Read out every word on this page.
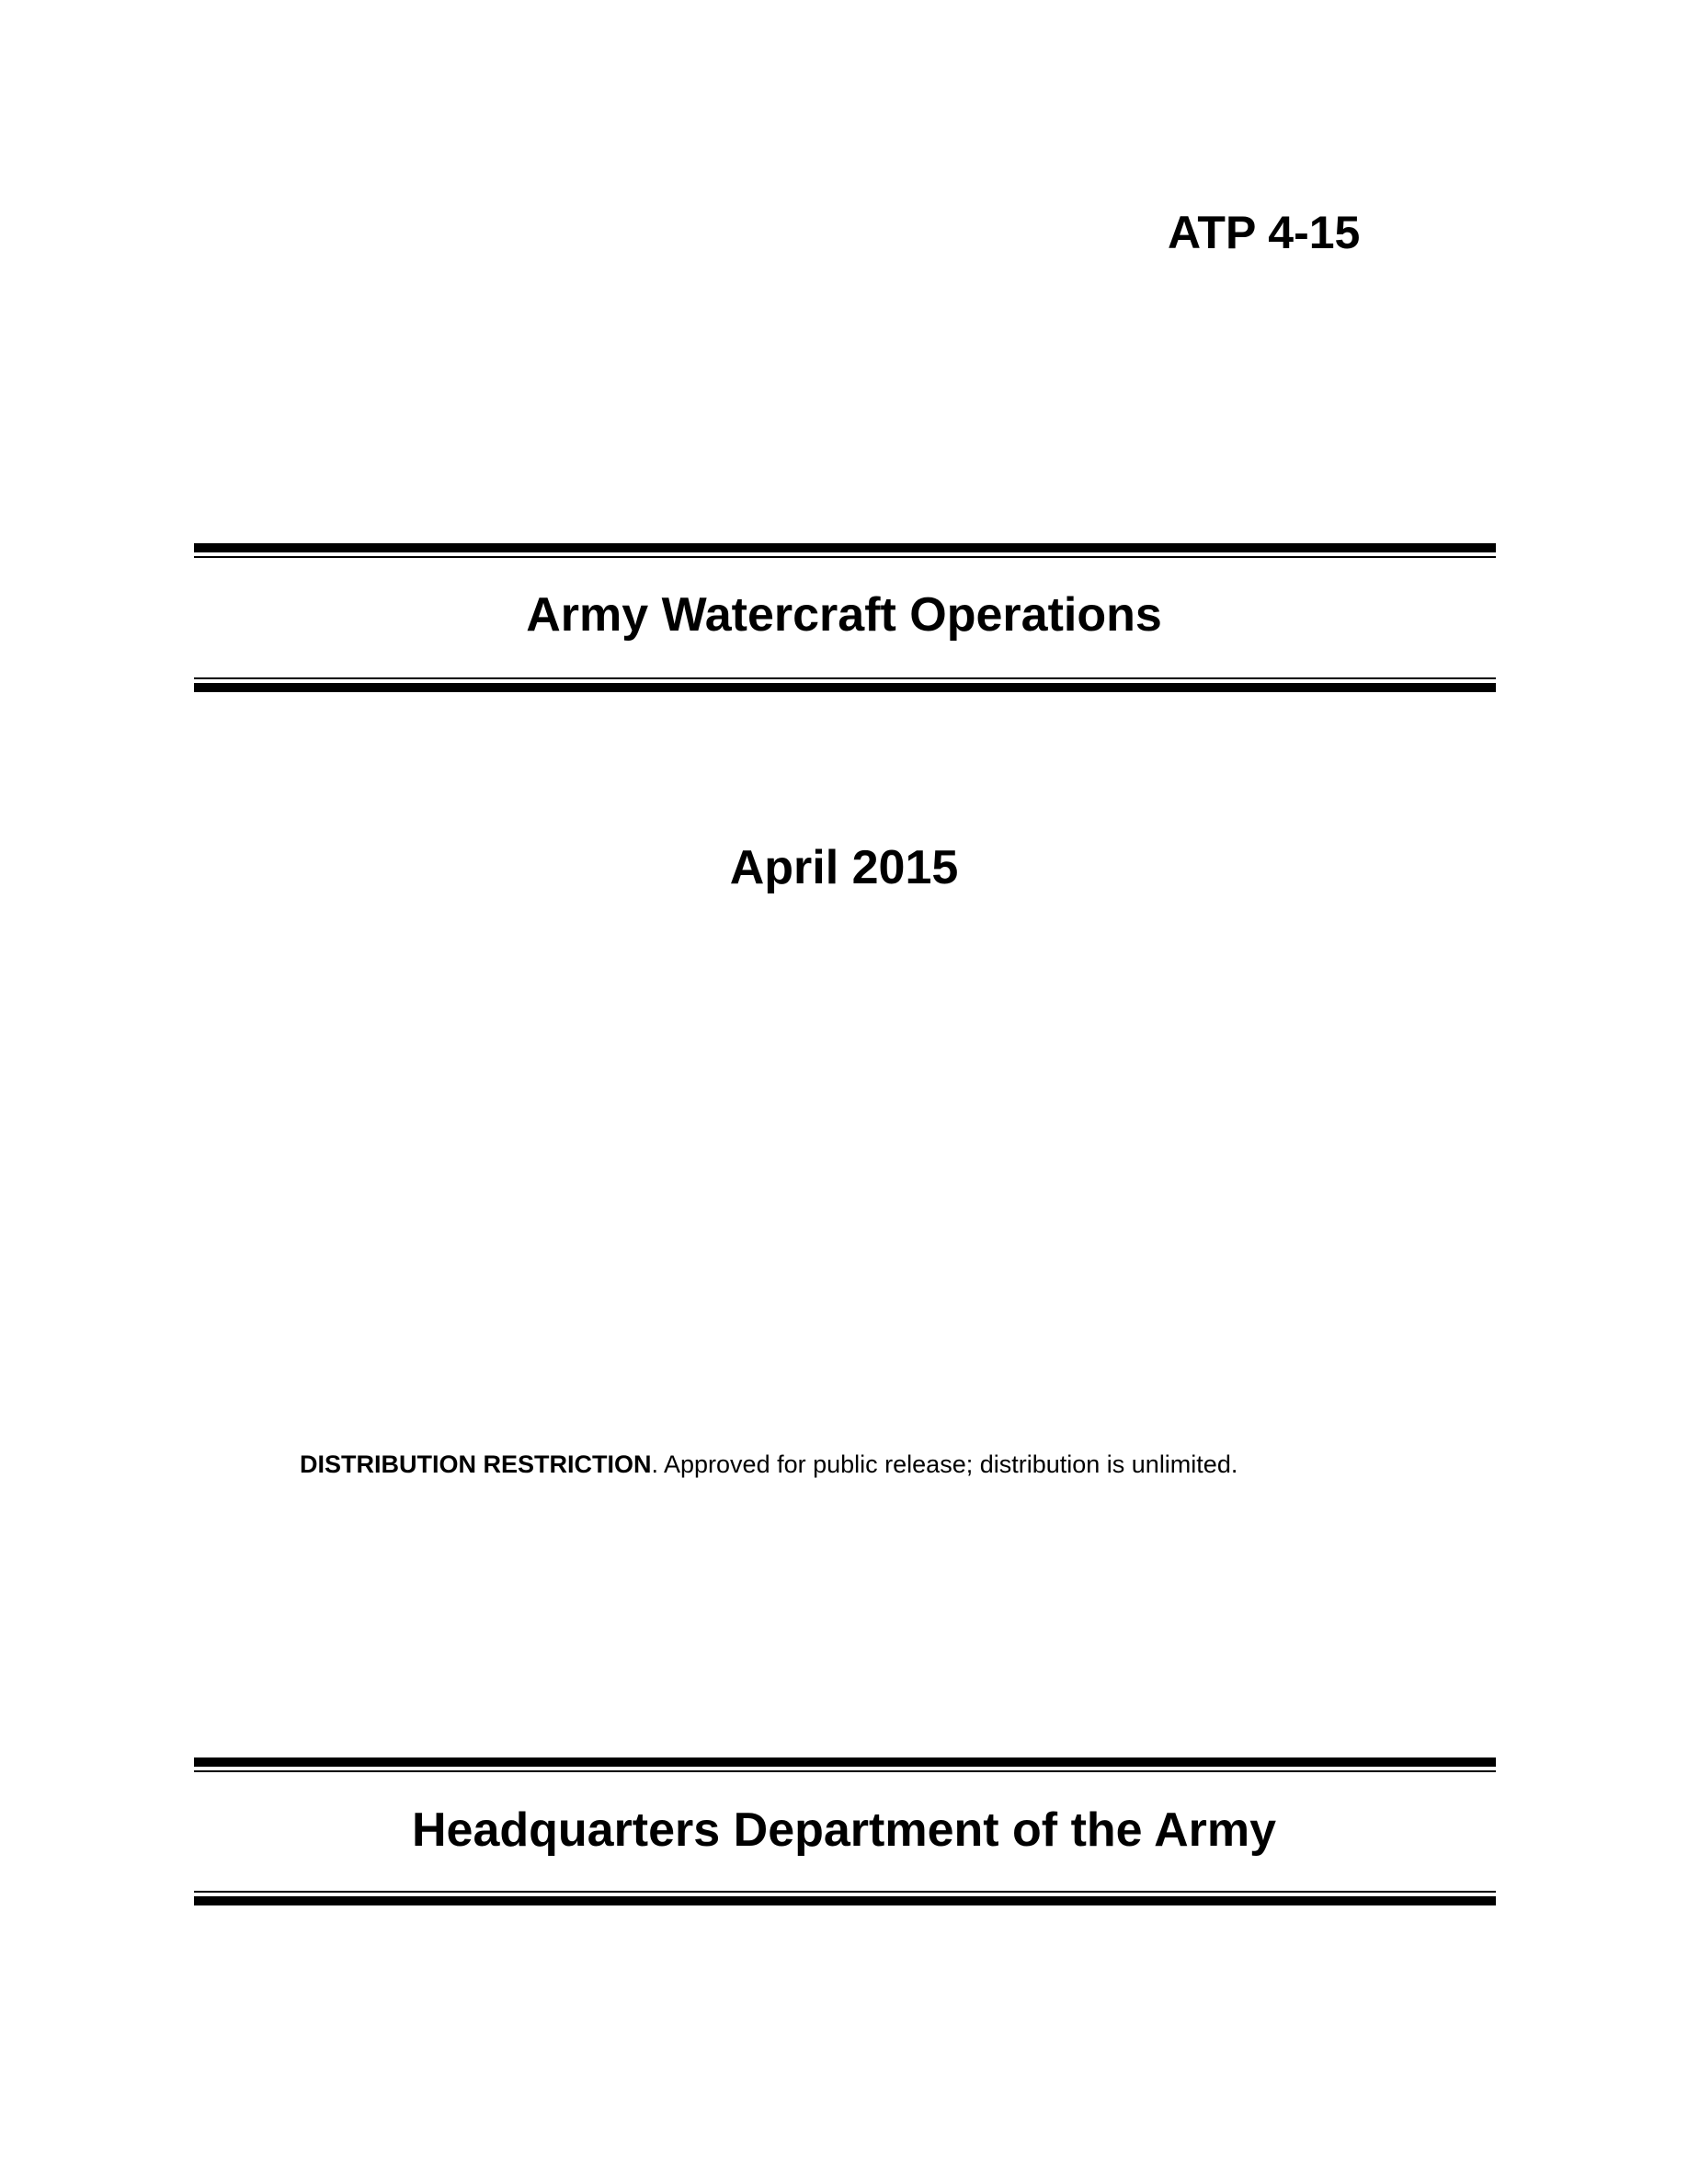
ATP 4-15
Army Watercraft Operations
April 2015
DISTRIBUTION RESTRICTION. Approved for public release; distribution is unlimited.
Headquarters Department of the Army
